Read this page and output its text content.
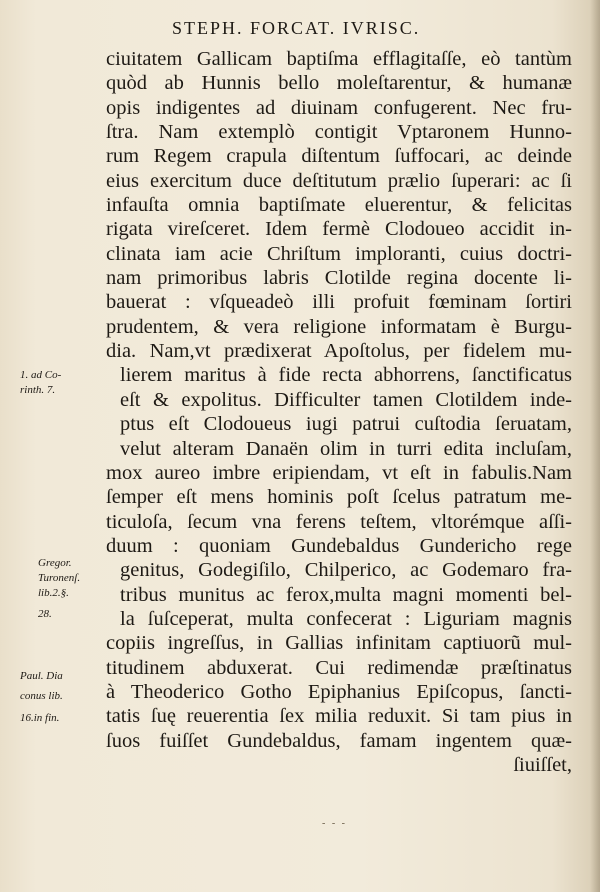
STEPH. FORCAT. IVRISC.
ciuitatem Gallicam baptiſma efflagitaſſe, eò tantùm
quòd ab Hunnis bello moleſtarentur, & humanæ
opis indigentes ad diuinam confugerent. Nec fru-
ſtra. Nam extemplò contigit Vptaronem Hunno-
rum Regem crapula diſtentum ſuffocari, ac deinde
eius exercitum duce deſtitutum prælio ſuperari: ac ſi
infauſta omnia baptiſmate eluerentur, & felicitas
rigata vireſceret. Idem fermè Clodoueo accidit in-
clinata iam acie Chriſtum imploranti, cuius doctri-
nam primoribus labris Clotilde regina docente li-
bauerat : vſqueadeò illi profuit fœminam ſortiri
prudentem, & vera religione informatam è Burgu-
dia. Nam,vt prædixerat Apoſtolus, per fidelem mu-
lierem maritus à fide recta abhorrens, ſanctificatus
eſt & expolitus. Difficulter tamen Clotildem inde-
ptus eſt Clodoueus iugi patrui cuſtodia ſeruatam,
velut alteram Danaën olim in turri edita incluſam,
mox aureo imbre eripiendam, vt eſt in fabulis.Nam
ſemper eſt mens hominis poſt ſcelus patratum me-
ticuloſa, ſecum vna ferens teſtem, vltorémque aſſi-
duum : quoniam Gundebaldus Gundericho rege
genitus, Godegiſilo, Chilperico, ac Godemaro fra-
tribus munitus ac ferox,multa magni momenti bel-
la ſuſceperat, multa confecerat : Liguriam magnis
copiis ingreſſus, in Gallias infinitam captiuorũ mul-
titudinem abduxerat. Cui redimendæ præſtinatus
à Theoderico Gotho Epiphanius Epiſcopus, ſancti-
tatis ſuę reuerentia ſex milia reduxit. Si tam pius in
ſuos fuiſſet Gundebaldus, famam ingentem quæ-
ſiuiſſet,
1. ad Co-
rinth. 7.
Gregor.
Turonenſ.
lib.2.§.
28.
Paul. Dia
conus lib.
16.in fin.
- - -
